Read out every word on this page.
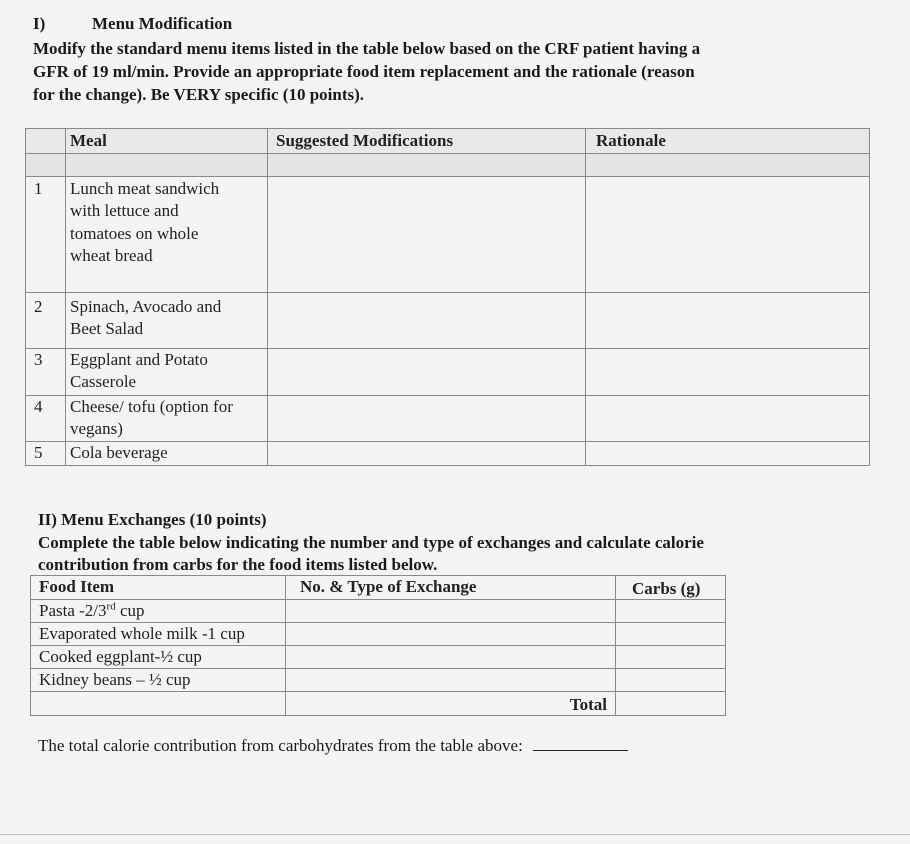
I)	Menu Modification
Modify the standard menu items listed in the table below based on the CRF patient having a
GFR of 19 ml/min. Provide an appropriate food item replacement and the rationale (reason
for the change). Be VERY specific (10 points).
	Meal	Suggested Modifications	Rationale

1	Lunch meat sandwich
with lettuce and
tomatoes on whole
wheat bread		

2	Spinach, Avocado and
Beet Salad		

3	Eggplant and Potato
Casserole		

4	Cheese/ tofu (option for
vegans)		

5	Cola beverage		

II) Menu Exchanges (10 points)
Complete the table below indicating the number and type of exchanges and calculate calorie
contribution from carbs for the food items listed below.
Food Item	No. & Type of Exchange	Carbs (g)
Pasta -2/3rd cup		
Evaporated whole milk -1 cup		
Cooked eggplant-½ cup		
Kidney beans – ½ cup		
	Total	
The total calorie contribution from carbohydrates from the table above:
